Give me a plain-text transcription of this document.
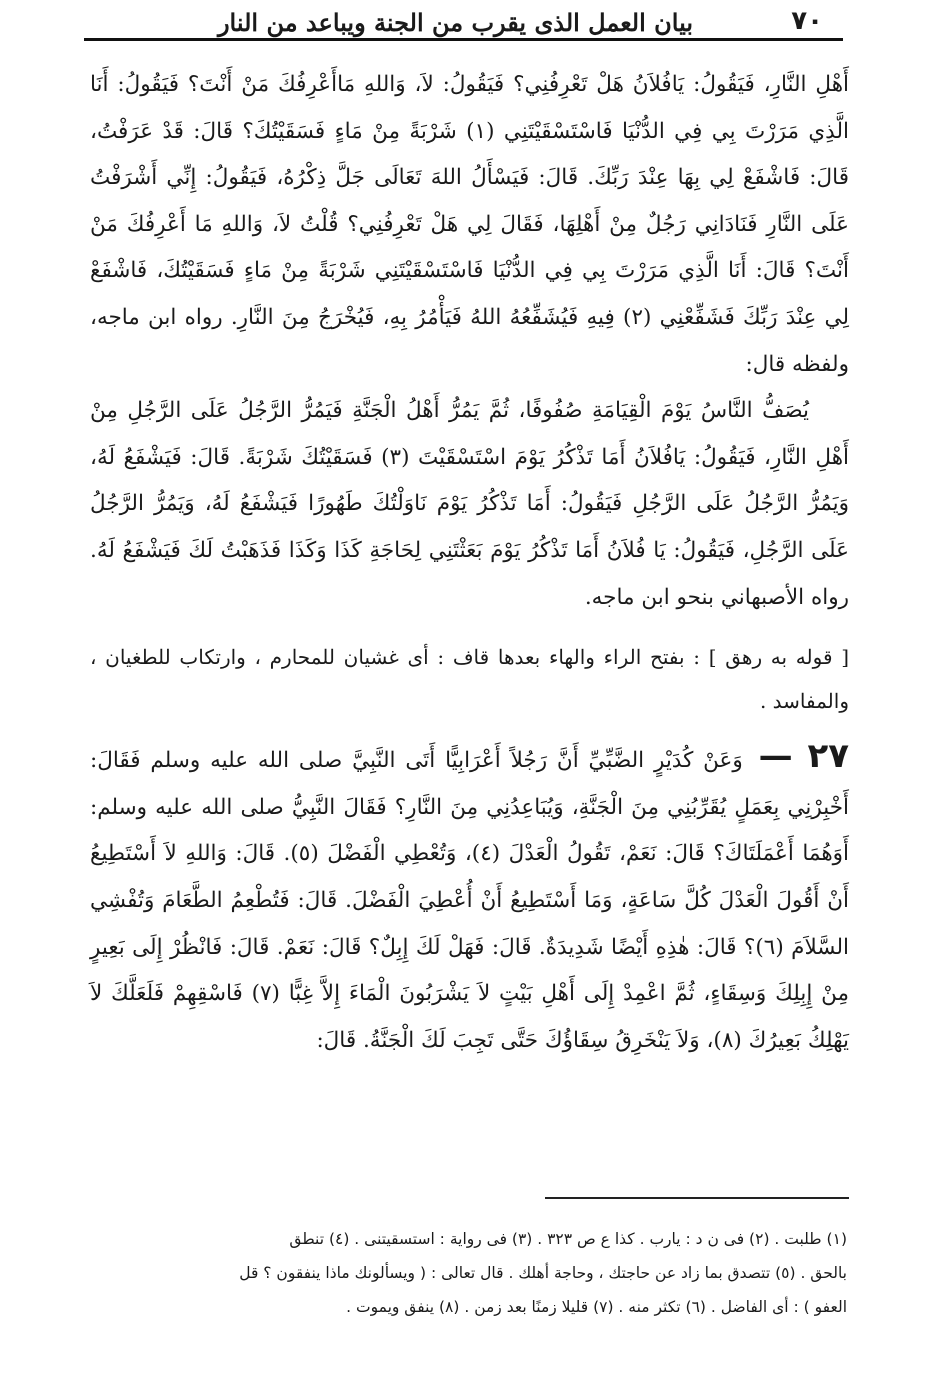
٧٠
بيان العمل الذى يقرب من الجنة ويباعد من النار

أَهْلِ النَّارِ، فَيَقُولُ: يَافُلاَنُ هَلْ تَعْرِفُنِي؟ فَيَقُولُ: لاَ، وَاللهِ مَاأَعْرِفُكَ مَنْ أَنْتَ؟ فَيَقُولُ: أَنَا الَّذِي مَرَرْتَ بِي فِي الدُّنْيَا فَاسْتَسْقَيْتَنِي (١) شَرْبَةً مِنْ مَاءٍ فَسَقَيْتُكَ؟ قَالَ: قَدْ عَرَفْتُ، قَالَ: فَاشْفَعْ لِي بِهَا عِنْدَ رَبِّكَ. قَالَ: فَيَسْأَلُ اللهَ تَعَالَى جَلَّ ذِكْرُهُ، فَيَقُولُ: إِنِّي أَشْرَفْتُ عَلَى النَّارِ فَنَادَانِي رَجُلٌ مِنْ أَهْلِهَا، فَقَالَ لِي هَلْ تَعْرِفُنِي؟ قُلْتُ لاَ، وَاللهِ مَا أَعْرِفُكَ مَنْ أَنْتَ؟ قَالَ: أَنَا الَّذِي مَرَرْتَ بِي فِي الدُّنْيَا فَاسْتَسْقَيْتَنِي شَرْبَةً مِنْ مَاءٍ فَسَقَيْتُكَ، فَاشْفَعْ لِي عِنْدَ رَبِّكَ فَشَفِّعْنِي (٢) فِيهِ فَيُشَفِّعُهُ اللهُ فَيَأْمُرُ بِهِ، فَيُخْرَجُ مِنَ النَّارِ. رواه ابن ماجه، ولفظه قال:

يُصَفُّ النَّاسُ يَوْمَ الْقِيَامَةِ صُفُوفًا، ثُمَّ يَمُرُّ أَهْلُ الْجَنَّةِ فَيَمُرُّ الرَّجُلُ عَلَى الرَّجُلِ مِنْ أَهْلِ النَّارِ، فَيَقُولُ: يَافُلاَنُ أَمَا تَذْكُرُ يَوْمَ اسْتَسْقَيْتَ (٣) فَسَقَيْتُكَ شَرْبَةً. قَالَ: فَيَشْفَعُ لَهُ، وَيَمُرُّ الرَّجُلُ عَلَى الرَّجُلِ فَيَقُولُ: أَمَا تَذْكُرُ يَوْمَ نَاوَلْتُكَ طَهُورًا فَيَشْفَعُ لَهُ، وَيَمُرُّ الرَّجُلُ عَلَى الرَّجُلِ، فَيَقُولُ: يَا فُلاَنُ أَمَا تَذْكُرُ يَوْمَ بَعَثْتَنِي لِحَاجَةِ كَذَا وَكَذَا فَذَهَبْتُ لَكَ فَيَشْفَعُ لَهُ. رواه الأصبهاني بنحو ابن ماجه.

[ قوله به رهق ] : بفتح الراء والهاء بعدها قاف : أى غشيان للمحارم ، وارتكاب للطغيان ، والمفاسد .

٢٧ — وَعَنْ كُدَيْرٍ الضَّبِّيِّ أَنَّ رَجُلاً أَعْرَابِيًّا أَتَى النَّبِيَّ صلى الله عليه وسلم فَقَالَ: أَخْبِرْنِي بِعَمَلٍ يُقَرِّبُنِي مِنَ الْجَنَّةِ، وَيُبَاعِدُنِي مِنَ النَّارِ؟ فَقَالَ النَّبِيُّ صلى الله عليه وسلم: أَوَهُمَا أَعْمَلَتَاكَ؟ قَالَ: نَعَمْ، تَقُولُ الْعَدْلَ (٤)، وَتُعْطِي الْفَضْلَ (٥). قَالَ: وَاللهِ لاَ أَسْتَطِيعُ أَنْ أَقُولَ الْعَدْلَ كُلَّ سَاعَةٍ، وَمَا أَسْتَطِيعُ أَنْ أُعْطِيَ الْفَضْلَ. قَالَ: فَتُطْعِمُ الطَّعَامَ وَتُفْشِي السَّلاَمَ (٦)؟ قَالَ: هٰذِهِ أَيْضًا شَدِيدَةٌ. قَالَ: فَهَلْ لَكَ إِبِلٌ؟ قَالَ: نَعَمْ. قَالَ: فَانْظُرْ إِلَى بَعِيرٍ مِنْ إِبِلِكَ وَسِقَاءٍ، ثُمَّ اعْمِدْ إِلَى أَهْلِ بَيْتٍ لاَ يَشْرَبُونَ الْمَاءَ إِلاَّ غِبًّا (٧) فَاسْقِهِمْ فَلَعَلَّكَ لاَ يَهْلِكُ بَعِيرُكَ (٨)، وَلاَ يَنْخَرِقُ سِقَاؤُكَ حَتَّى تَجِبَ لَكَ الْجَنَّةُ. قَالَ:

(١) طلبت . (٢) فى ن د : يارب . كذا ع ص ٣٢٣ . (٣) فى رواية : استسقيتنى . (٤) تنطق

بالحق . (٥) تتصدق بما زاد عن حاجتك ، وحاجة أهلك . قال تعالى : ( ويسألونك ماذا ينفقون ؟ قل

العفو ) : أى الفاضل . (٦) تكثر منه . (٧) قليلا زمنًا بعد زمن . (٨) ينفق ويموت .
